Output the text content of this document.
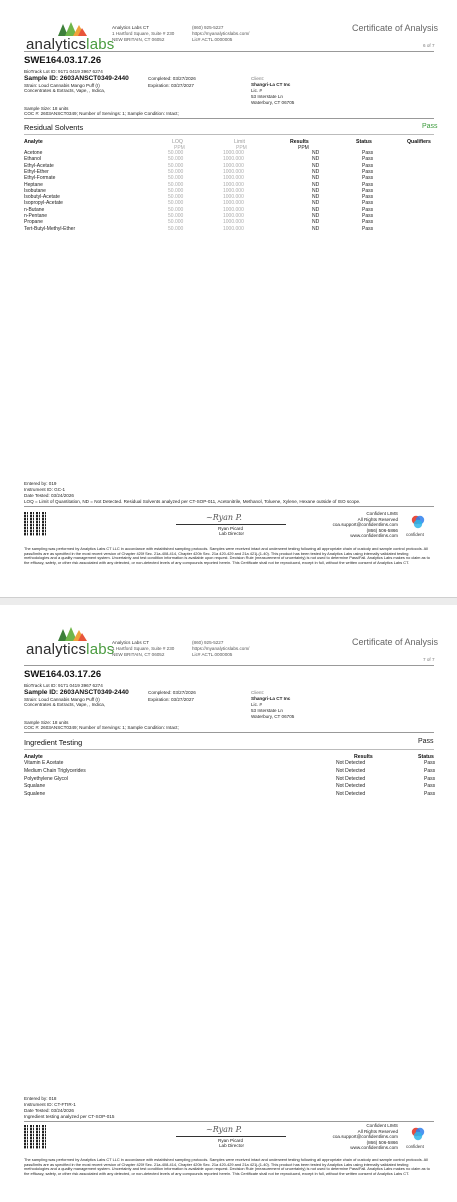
analyticslabs
Analytics Labs CT
1 Hartford Square, Suite # 230
NEW BRITAIN, CT 06052
(860) 925-5227
https://myanalyticslabs.com/
Lic# ACTL.0000005
Certificate of Analysis
6 of 7
SWE164.03.17.26
BioTrack Lot ID: 9171 0419 3967 6274
Sample ID: 2603ANSCT0349-2440	Completed: 03/27/2026
Expiration: 03/27/2027
Strain: Loud Cannabis Mango Puff (I)
Concentrates & Extracts, Vape, , Indica,
Client:
Shangri-La CT Inc
Lic. #
53 Interstate Ln
Waterbury, CT 06705
Sample Size: 18 units
COC #: 2603ANSCT0349; Number of Servings: 1; Sample Condition: Intact;
Residual Solvents	Pass
Analyte	LOQ	Limit	Results	Status	Qualifiers
PPM	PPM	PPM
Acetone	50.000	1000.000	ND	Pass
Ethanol	50.000	1000.000	ND	Pass
Ethyl-Acetate	50.000	1000.000	ND	Pass
Ethyl-Ether	50.000	1000.000	ND	Pass
Ethyl-Formate	50.000	1000.000	ND	Pass
Heptane	50.000	1000.000	ND	Pass
Isobutane	50.000	1000.000	ND	Pass
Isobutyl-Acetate	50.000	1000.000	ND	Pass
Isopropyl-Acetate	50.000	1000.000	ND	Pass
n-Butane	50.000	1000.000	ND	Pass
n-Pentane	50.000	1000.000	ND	Pass
Propane	50.000	1000.000	ND	Pass
Tert-Butyl-Methyl-Ether	50.000	1000.000	ND	Pass
Entered by: 019
Instrument ID: GC-1
Date Tested: 03/24/2026
LOQ = Limit of Quantitation, ND = Not Detected. Residual Solvents analyzed per CT-SOP-011, Acetonitrile, Methanol, Toluene, Xylene, Hexane outside of ISO scope.
~Ryan P.
Ryan Picard
Lab Director
Confident LIMS
All Rights Reserved
coa.support@confidentlims.com
(866) 506-5866
www.confidentlims.com confident
The sampling was performed by Analytics Labs CT LLC in accordance with established sampling protocols. Samples were received intact and underwent testing following all appropriate chain of custody and sample control protocols. All pass/limits are as specified in the most recent version of Chapter 420f Sec. 21a-408-414, Chapter 420b Sec. 21a 420-429 and 21a 421j-(1-40). This product has been tested by Analytics Labs using internally validated testing methodologies and a quality management system. Uncertainty and test condition information is available upon request. Decision Rule (measurement of uncertainty) is not used to determine Pass/Fail. Analytics Labs makes no claim as to the efficacy, safety, or other risk associated with any detected, or non-detected levels of any compounds reported herein. This Certificate shall not be reproduced, except in full, without the written consent of Analytics Labs CT.
analyticslabs
Analytics Labs CT
1 Hartford Square, Suite # 230
NEW BRITAIN, CT 06052
(860) 925-5227
https://myanalyticslabs.com/
Lic# ACTL.0000005
Certificate of Analysis
7 of 7
SWE164.03.17.26
BioTrack Lot ID: 9171 0419 3967 6274
Sample ID: 2603ANSCT0349-2440	Completed: 03/27/2026
Expiration: 03/27/2027
Strain: Loud Cannabis Mango Puff (I)
Concentrates & Extracts, Vape, , Indica,
Client:
Shangri-La CT Inc
Lic. #
53 Interstate Ln
Waterbury, CT 06705
Sample Size: 18 units
COC #: 2603ANSCT0349; Number of Servings: 1; Sample Condition: Intact;
Ingredient Testing	Pass
Analyte	Results	Status
Vitamin E Acetate	Not Detected	Pass
Medium Chain Triglycerides	Not Detected	Pass
Polyethylene Glycol	Not Detected	Pass
Squalane	Not Detected	Pass
Squalene	Not Detected	Pass
Entered by: 018
Instrument ID: CT-FTIR-1
Date Tested: 03/24/2026
Ingredient testing analyzed per CT-SOP-015
~Ryan P.
Ryan Picard
Lab Director
Confident LIMS
All Rights Reserved
coa.support@confidentlims.com
(866) 506-5866
www.confidentlims.com confident
The sampling was performed by Analytics Labs CT LLC in accordance with established sampling protocols. Samples were received intact and underwent testing following all appropriate chain of custody and sample control protocols. All pass/limits are as specified in the most recent version of Chapter 420f Sec. 21a-408-414, Chapter 420b Sec. 21a 420-429 and 21a 421j-(1-40). This product has been tested by Analytics Labs using internally validated testing methodologies and a quality management system. Uncertainty and test condition information is available upon request. Decision Rule (measurement of uncertainty) is not used to determine Pass/Fail. Analytics Labs makes no claim as to the efficacy, safety, or other risk associated with any detected, or non-detected levels of any compounds reported herein. This Certificate shall not be reproduced, except in full, without the written consent of Analytics Labs CT.
